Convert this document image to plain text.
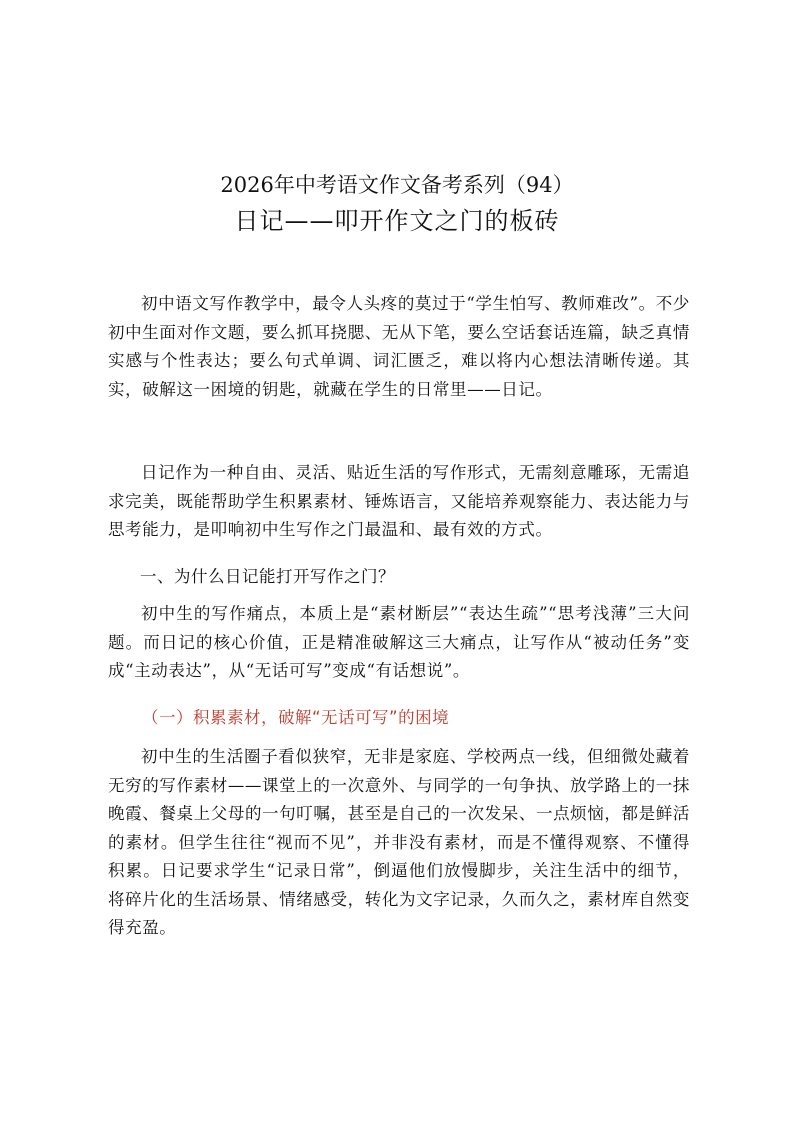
2026年中考语文作文备考系列（94）
日记——叩开作文之门的板砖

初中语文写作教学中，最令人头疼的莫过于“学生怕写、教师难改”。不少初中生面对作文题，要么抓耳挠腮、无从下笔，要么空话套话连篇，缺乏真情实感与个性表达；要么句式单调、词汇匮乏，难以将内心想法清晰传递。其实，破解这一困境的钥匙，就藏在学生的日常里——日记。

日记作为一种自由、灵活、贴近生活的写作形式，无需刻意雕琢，无需追求完美，既能帮助学生积累素材、锤炼语言，又能培养观察能力、表达能力与思考能力，是叩响初中生写作之门最温和、最有效的方式。

一、为什么日记能打开写作之门？

初中生的写作痛点，本质上是“素材断层”“表达生疏”“思考浅薄”三大问题。而日记的核心价值，正是精准破解这三大痛点，让写作从“被动任务”变成“主动表达”，从“无话可写”变成“有话想说”。

（一）积累素材，破解“无话可写”的困境

初中生的生活圈子看似狭窄，无非是家庭、学校两点一线，但细微处藏着无穷的写作素材——课堂上的一次意外、与同学的一句争执、放学路上的一抹晚霞、餐桌上父母的一句叮嘱，甚至是自己的一次发呆、一点烦恼，都是鲜活的素材。但学生往往“视而不见”，并非没有素材，而是不懂得观察、不懂得积累。日记要求学生“记录日常”，倒逼他们放慢脚步，关注生活中的细节，将碎片化的生活场景、情绪感受，转化为文字记录，久而久之，素材库自然变得充盈。
